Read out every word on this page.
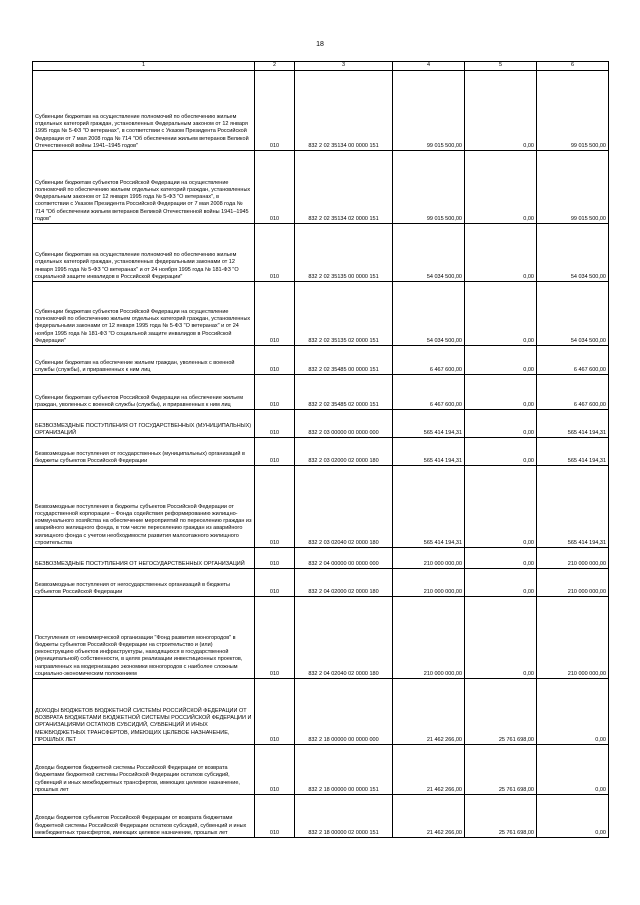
18
1	2	3	4	5	6
Субвенции бюджетам на осуществление полномочий по обеспечению жильем отдельных категорий граждан, установленных Федеральным законом от 12 января 1995 года № 5-ФЗ "О ветеранах", в соответствии с Указом Президента Российской Федерации от 7 мая 2008 года № 714 "Об обеспечении жильем ветеранов Великой Отечественной войны 1941–1945 годов"	010	832 2 02 35134 00 0000 151	99 015 500,00	0,00	99 015 500,00
Субвенции бюджетам субъектов Российской Федерации на осуществление полномочий по обеспечению жильем отдельных категорий граждан, установленных Федеральным законом от 12 января 1995 года № 5-ФЗ "О ветеранах", в соответствии с Указом Президента Российской Федерации от 7 мая 2008 года № 714 "Об обеспечении жильем ветеранов Великой Отечественной войны 1941–1945 годов"	010	832 2 02 35134 02 0000 151	99 015 500,00	0,00	99 015 500,00
Субвенции бюджетам на осуществление полномочий по обеспечению жильем отдельных категорий граждан, установленных федеральными законами от 12 января 1995 года № 5-ФЗ "О ветеранах" и от 24 ноября 1995 года № 181-ФЗ "О социальной защите инвалидов в Российской Федерации"	010	832 2 02 35135 00 0000 151	54 034 500,00	0,00	54 034 500,00
Субвенции бюджетам субъектов Российской Федерации на осуществление полномочий по обеспечению жильем отдельных категорий граждан, установленных федеральными законами от 12 января 1995 года № 5-ФЗ "О ветеранах" и от 24 ноября 1995 года № 181-ФЗ "О социальной защите инвалидов в Российской Федерации"	010	832 2 02 35135 02 0000 151	54 034 500,00	0,00	54 034 500,00
Субвенции бюджетам на обеспечение жильем граждан, уволенных с военной службы (службы), и приравненных к ним лиц	010	832 2 02 35485 00 0000 151	6 467 600,00	0,00	6 467 600,00
Субвенции бюджетам субъектов Российской Федерации на обеспечение жильем граждан, уволенных с военной службы (службы), и приравненных к ним лиц	010	832 2 02 35485 02 0000 151	6 467 600,00	0,00	6 467 600,00
БЕЗВОЗМЕЗДНЫЕ ПОСТУПЛЕНИЯ ОТ ГОСУДАРСТВЕННЫХ (МУНИЦИПАЛЬНЫХ) ОРГАНИЗАЦИЙ	010	832 2 03 00000 00 0000 000	565 414 194,31	0,00	565 414 194,31
Безвозмездные поступления от государственных (муниципальных) организаций в бюджеты субъектов Российской Федерации	010	832 2 03 02000 02 0000 180	565 414 194,31	0,00	565 414 194,31
Безвозмездные поступления в бюджеты субъектов Российской Федерации от государственной корпорации – Фонда содействия реформированию жилищно-коммунального хозяйства на обеспечение мероприятий по переселению граждан из аварийного жилищного фонда, в том числе переселению граждан из аварийного жилищного фонда с учетом необходимости развития малоэтажного жилищного строительства	010	832 2 03 02040 02 0000 180	565 414 194,31	0,00	565 414 194,31
БЕЗВОЗМЕЗДНЫЕ ПОСТУПЛЕНИЯ ОТ НЕГОСУДАРСТВЕННЫХ ОРГАНИЗАЦИЙ	010	832 2 04 00000 00 0000 000	210 000 000,00	0,00	210 000 000,00
Безвозмездные поступления от негосударственных организаций в бюджеты субъектов Российской Федерации	010	832 2 04 02000 02 0000 180	210 000 000,00	0,00	210 000 000,00
Поступления от некоммерческой организации "Фонд развития моногородов" в бюджеты субъектов Российской Федерации на строительство и (или) реконструкцию объектов инфраструктуры, находящихся в государственной (муниципальной) собственности, в целях реализации инвестиционных проектов, направленных на модернизацию экономики моногородов с наиболее сложным социально-экономическим положением	010	832 2 04 02040 02 0000 180	210 000 000,00	0,00	210 000 000,00
ДОХОДЫ БЮДЖЕТОВ БЮДЖЕТНОЙ СИСТЕМЫ РОССИЙСКОЙ ФЕДЕРАЦИИ ОТ ВОЗВРАТА БЮДЖЕТАМИ БЮДЖЕТНОЙ СИСТЕМЫ РОССИЙСКОЙ ФЕДЕРАЦИИ И ОРГАНИЗАЦИЯМИ ОСТАТКОВ СУБСИДИЙ, СУБВЕНЦИЙ И ИНЫХ МЕЖБЮДЖЕТНЫХ ТРАНСФЕРТОВ, ИМЕЮЩИХ ЦЕЛЕВОЕ НАЗНАЧЕНИЕ, ПРОШЛЫХ ЛЕТ	010	832 2 18 00000 00 0000 000	21 462 266,00	25 761 698,00	0,00
Доходы бюджетов бюджетной системы Российской Федерации от возврата бюджетами бюджетной системы Российской Федерации остатков субсидий, субвенций и иных межбюджетных трансфертов, имеющих целевое назначение, прошлых лет	010	832 2 18 00000 00 0000 151	21 462 266,00	25 761 698,00	0,00
Доходы бюджетов субъектов Российской Федерации от возврата бюджетами бюджетной системы Российской Федерации остатков субсидий, субвенций и иных межбюджетных трансфертов, имеющих целевое назначение, прошлых лет	010	832 2 18 00000 02 0000 151	21 462 266,00	25 761 698,00	0,00
